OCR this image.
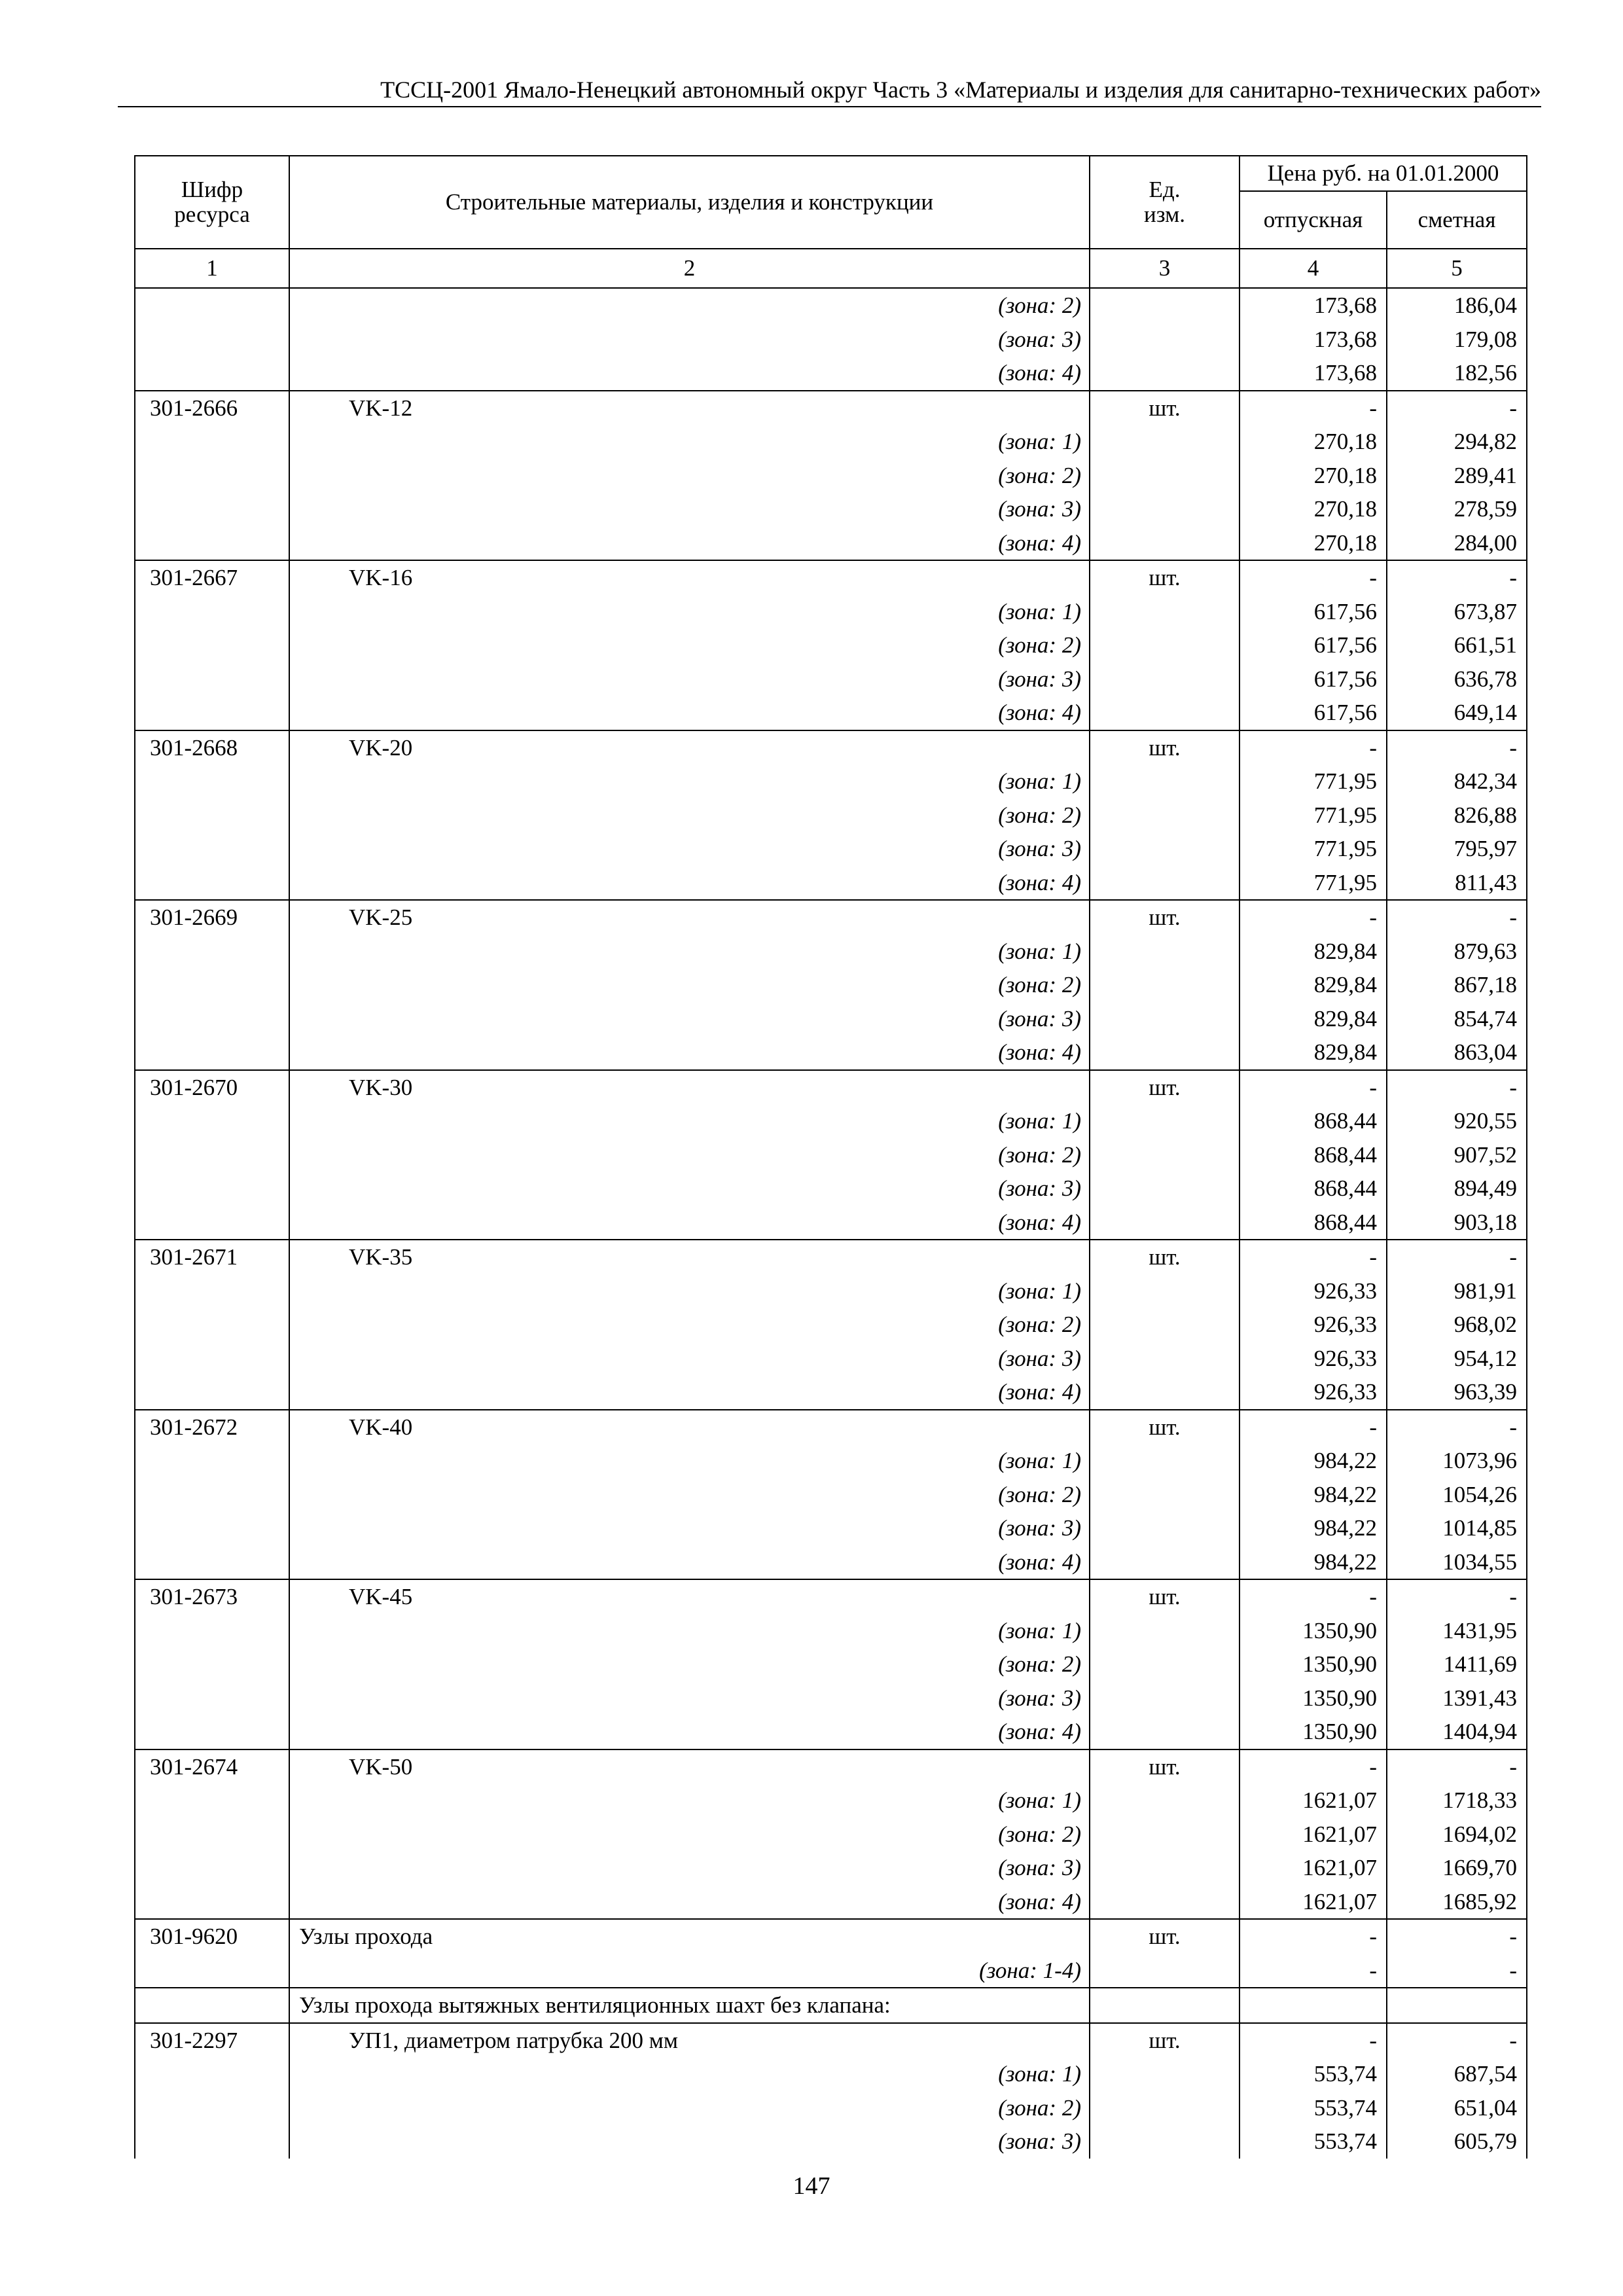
ТССЦ-2001 Ямало-Ненецкий автономный округ Часть 3 «Материалы и изделия для санитарно-технических работ»
Шифр ресурса	Строительные материалы, изделия и конструкции	Ед. изм.	Цена руб. на 01.01.2000	
			отпускная	сметная
1	2	3	4	5
	(зона: 2)		173,68	186,04
	(зона: 3)		173,68	179,08
	(зона: 4)		173,68	182,56
301-2666	VK-12	шт.	-	-
	(зона: 1)		270,18	294,82
	(зона: 2)		270,18	289,41
	(зона: 3)		270,18	278,59
	(зона: 4)		270,18	284,00
301-2667	VK-16	шт.	-	-
	(зона: 1)		617,56	673,87
	(зона: 2)		617,56	661,51
	(зона: 3)		617,56	636,78
	(зона: 4)		617,56	649,14
301-2668	VK-20	шт.	-	-
	(зона: 1)		771,95	842,34
	(зона: 2)		771,95	826,88
	(зона: 3)		771,95	795,97
	(зона: 4)		771,95	811,43
301-2669	VK-25	шт.	-	-
	(зона: 1)		829,84	879,63
	(зона: 2)		829,84	867,18
	(зона: 3)		829,84	854,74
	(зона: 4)		829,84	863,04
301-2670	VK-30	шт.	-	-
	(зона: 1)		868,44	920,55
	(зона: 2)		868,44	907,52
	(зона: 3)		868,44	894,49
	(зона: 4)		868,44	903,18
301-2671	VK-35	шт.	-	-
	(зона: 1)		926,33	981,91
	(зона: 2)		926,33	968,02
	(зона: 3)		926,33	954,12
	(зона: 4)		926,33	963,39
301-2672	VK-40	шт.	-	-
	(зона: 1)		984,22	1073,96
	(зона: 2)		984,22	1054,26
	(зона: 3)		984,22	1014,85
	(зона: 4)		984,22	1034,55
301-2673	VK-45	шт.	-	-
	(зона: 1)		1350,90	1431,95
	(зона: 2)		1350,90	1411,69
	(зона: 3)		1350,90	1391,43
	(зона: 4)		1350,90	1404,94
301-2674	VK-50	шт.	-	-
	(зона: 1)		1621,07	1718,33
	(зона: 2)		1621,07	1694,02
	(зона: 3)		1621,07	1669,70
	(зона: 4)		1621,07	1685,92
301-9620	Узлы прохода	шт.	-	-
	(зона: 1-4)		-	-
	Узлы прохода вытяжных вентиляционных шахт без клапана:			
301-2297	УП1, диаметром патрубка 200 мм	шт.	-	-
	(зона: 1)		553,74	687,54
	(зона: 2)		553,74	651,04
	(зона: 3)		553,74	605,79
147
